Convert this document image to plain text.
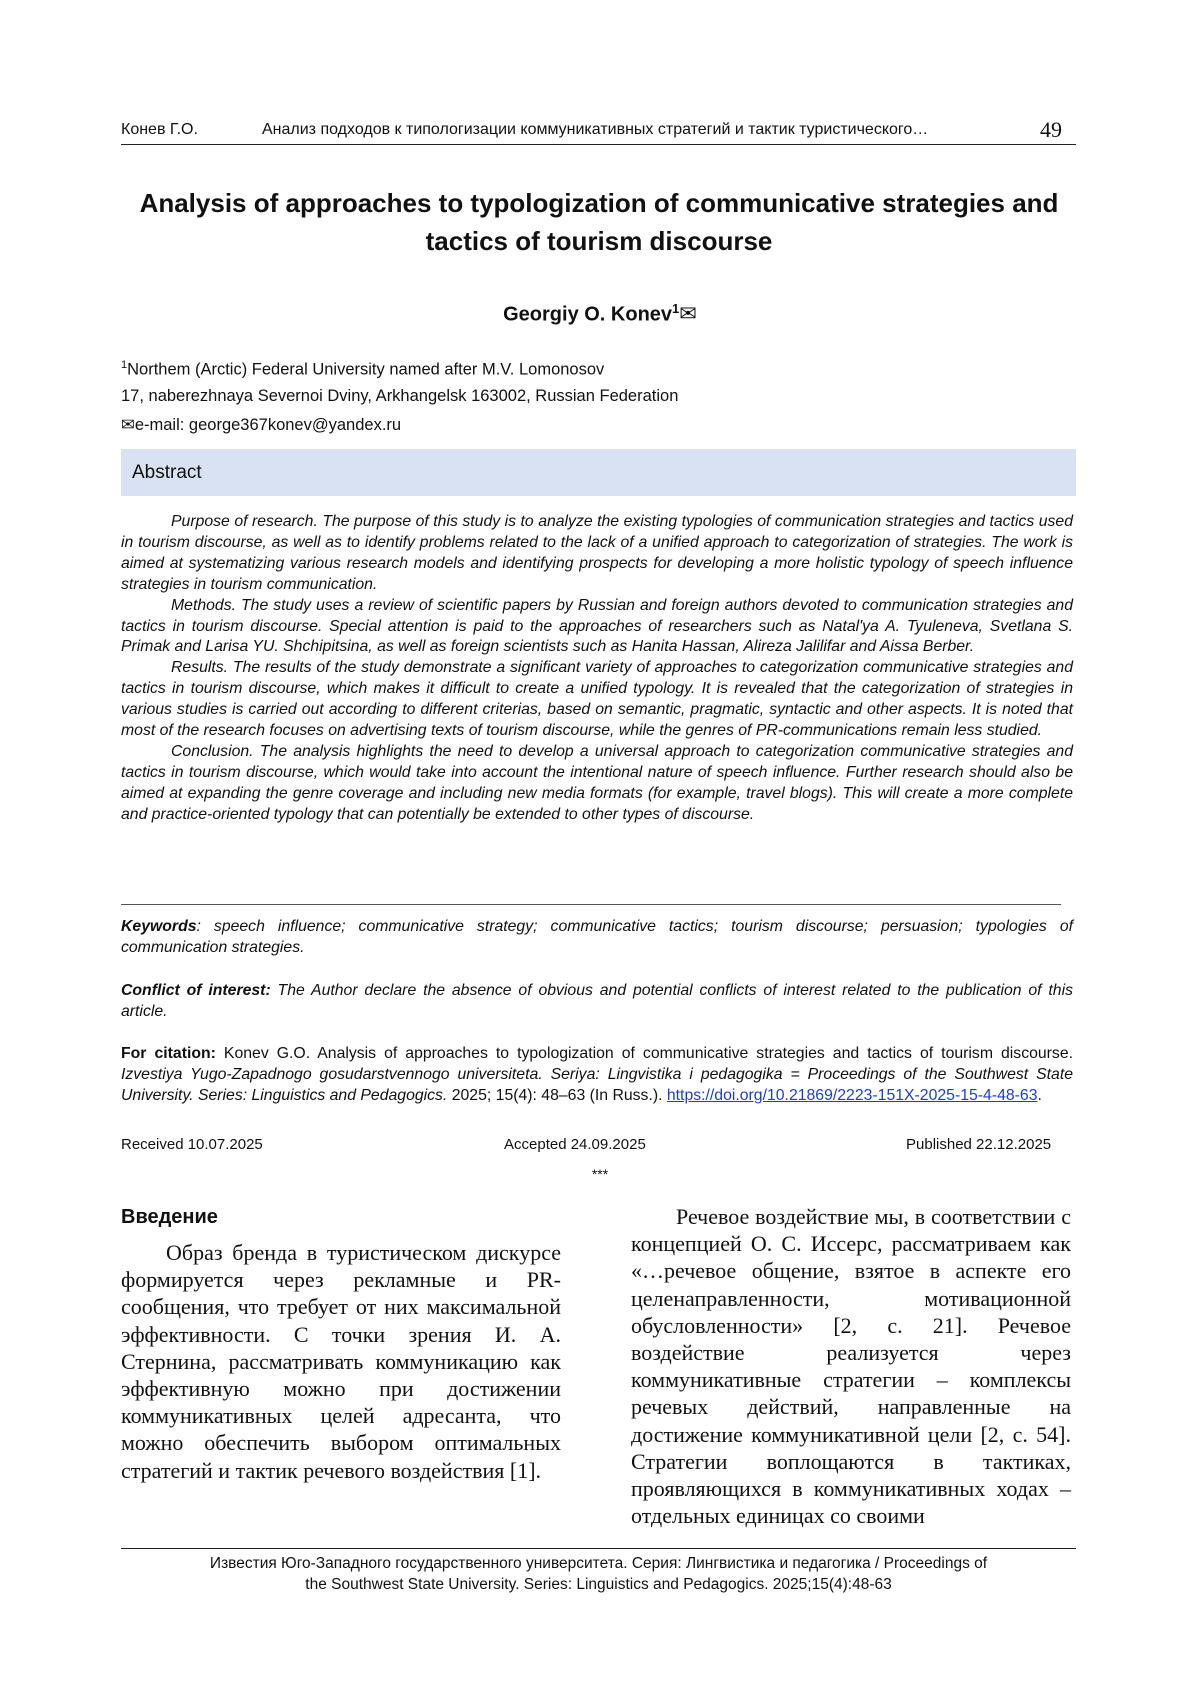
Конев Г.О.	Анализ подходов к типологизации коммуникативных стратегий и тактик туристического…	49
Analysis of approaches to typologization of communicative strategies and tactics of tourism discourse
Georgiy O. Konev$^1$✉
$^1$Northem (Arctic) Federal University named after M.V. Lomonosov
17, naberezhnaya Severnoi Dviny, Arkhangelsk 163002, Russian Federation
✉e-mail: george367konev@yandex.ru
Abstract

Purpose of research. The purpose of this study is to analyze the existing typologies of communication strategies and tactics used in tourism discourse, as well as to identify problems related to the lack of a unified approach to categorization of strategies. The work is aimed at systematizing various research models and identifying prospects for developing a more holistic typology of speech influence strategies in tourism communication.

Methods. The study uses a review of scientific papers by Russian and foreign authors devoted to communication strategies and tactics in tourism discourse. Special attention is paid to the approaches of researchers such as Natal'ya A. Tyuleneva, Svetlana S. Primak and Larisa YU. Shchipitsina, as well as foreign scientists such as Hanita Hassan, Alireza Jalilifar and Aissa Berber.

Results. The results of the study demonstrate a significant variety of approaches to categorization communicative strategies and tactics in tourism discourse, which makes it difficult to create a unified typology. It is revealed that the categorization of strategies in various studies is carried out according to different criterias, based on semantic, pragmatic, syntactic and other aspects. It is noted that most of the research focuses on advertising texts of tourism discourse, while the genres of PR-communications remain less studied.

Conclusion. The analysis highlights the need to develop a universal approach to categorization communicative strategies and tactics in tourism discourse, which would take into account the intentional nature of speech influence. Further research should also be aimed at expanding the genre coverage and including new media formats (for example, travel blogs). This will create a more complete and practice-oriented typology that can potentially be extended to other types of discourse.

Keywords: speech influence; communicative strategy; communicative tactics; tourism discourse; persuasion; typologies of communication strategies.
Conflict of interest: The Author declare the absence of obvious and potential conflicts of interest related to the publication of this article.
For citation: Konev G.O. Analysis of approaches to typologization of communicative strategies and tactics of tourism discourse. Izvestiya Yugo-Zapadnogo gosudarstvennogo universiteta. Seriya: Lingvistika i pedagogika = Proceedings of the Southwest State University. Series: Linguistics and Pedagogics. 2025; 15(4): 48–63 (In Russ.). https://doi.org/10.21869/2223-151X-2025-15-4-48-63.
Received 10.07.2025	Accepted 24.09.2025	Published 22.12.2025
***
Введение
Образ бренда в туристическом дискурсе формируется через рекламные и PR-сообщения, что требует от них максимальной эффективности. С точки зрения И. А. Стернина, рассматривать коммуникацию как эффективную можно при достижении коммуникативных целей адресанта, что можно обеспечить выбором оптимальных стратегий и тактик речевого воздействия [1].
Речевое воздействие мы, в соответствии с концепцией О. С. Иссерс, рассматриваем как «…речевое общение, взятое в аспекте его целенаправленности, мотивационной обусловленности» [2, с. 21]. Речевое воздействие реализуется через коммуникативные стратегии – комплексы речевых действий, направленные на достижение коммуникативной цели [2, с. 54]. Стратегии воплощаются в тактиках, проявляющихся в коммуникативных ходах – отдельных единицах со своими
Известия Юго-Западного государственного университета. Серия: Лингвистика и педагогика / Proceedings of
the Southwest State University. Series: Linguistics and Pedagogics. 2025;15(4):48-63
